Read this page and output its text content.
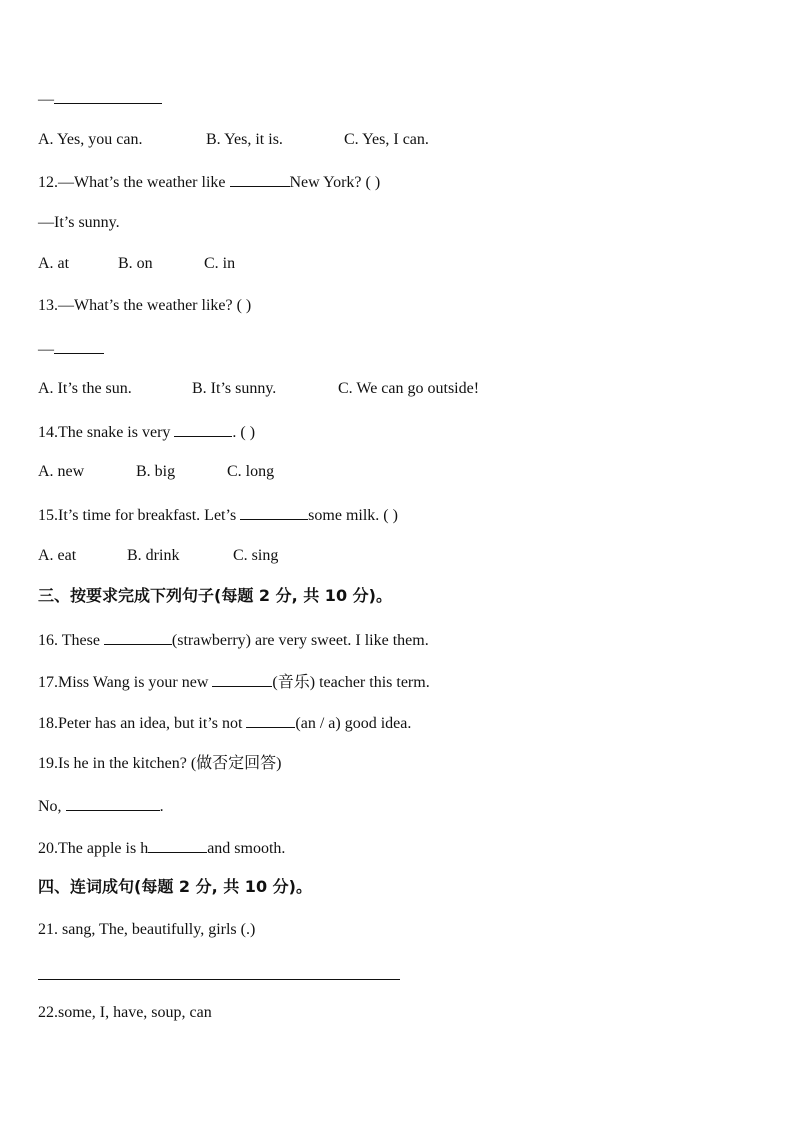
—
A. Yes, you can.	B. Yes, it is.	C. Yes, I can.
12.—What’s the weather like	New York? ( )
—It’s sunny.
A. at	B. on	C. in
13.—What’s the weather like? ( )
—
A. It’s the sun.	B. It’s sunny.	C. We can go outside!
14.The snake is very	. ( )
A. new	B. big	C. long
15.It’s time for breakfast. Let’s	some milk. ( )
A. eat	B. drink	C. sing
三、按要求完成下列句子(每题 2 分, 共 10 分)。
16. These	(strawberry) are very sweet. I like them.
17.Miss Wang is your new	(音乐) teacher this term.
18.Peter has an idea, but it’s not	(an / a) good idea.
19.Is he in the kitchen? (做否定回答)
No,	.
20.The apple is h	and smooth.
四、连词成句(每题 2 分, 共 10 分)。
21. sang, The, beautifully, girls (.)
22.some, I, have, soup, can
